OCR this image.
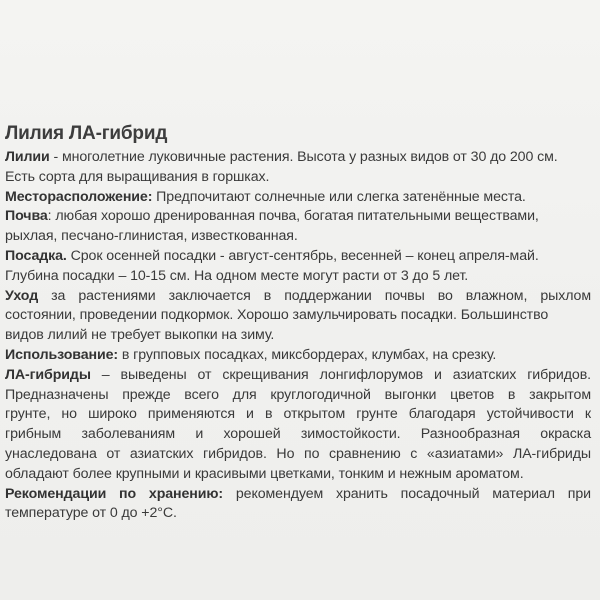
Лилия ЛА-гибрид
Лилии - многолетние луковичные растения. Высота у разных видов от 30 до 200 см.
Есть сорта для выращивания в горшках.
Месторасположение: Предпочитают солнечные или слегка затенённые места.
Почва: любая хорошо дренированная почва, богатая питательными веществами,
рыхлая, песчано-глинистая, известкованная.
Посадка. Срок осенней посадки - август-сентябрь, весенней – конец апреля-май.
Глубина посадки – 10-15 см. На одном месте могут расти от 3 до 5 лет.
Уход за растениями заключается в поддержании почвы во влажном, рыхлом
состоянии, проведении подкормок. Хорошо замульчировать посадки. Большинство
видов лилий не требует выкопки на зиму.
Использование: в групповых посадках, миксбордерах, клумбах, на срезку.
ЛА-гибриды – выведены от скрещивания лонгифлорумов и азиатских гибридов.
Предназначены прежде всего для круглогодичной выгонки цветов в закрытом
грунте, но широко применяются и в открытом грунте благодаря устойчивости к
грибным заболеваниям и хорошей зимостойкости. Разнообразная окраска
унаследована от азиатских гибридов. Но по сравнению с «азиатами» ЛА-гибриды
обладают более крупными и красивыми цветками, тонким и нежным ароматом.
Рекомендации по хранению: рекомендуем хранить посадочный материал при
температуре от 0 до +2°С.
